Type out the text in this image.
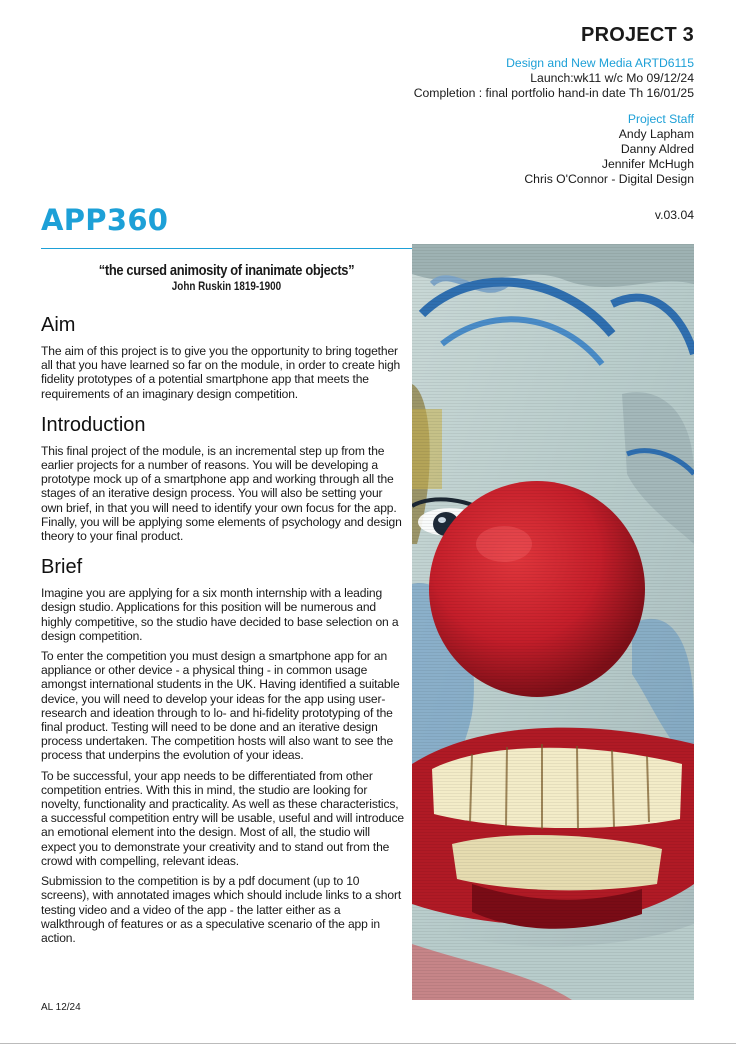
PROJECT 3
Design and New Media ARTD6115
Launch:wk11 w/c Mo 09/12/24
Completion : final portfolio hand-in date Th 16/01/25
Project Staff
Andy Lapham
Danny Aldred
Jennifer McHugh
Chris O'Connor - Digital Design
v.03.04
APP360
“the cursed animosity of inanimate objects”
John Ruskin 1819-1900
Aim

The aim of this project is to give you the opportunity to bring together all that you have learned so far on the module, in order to create high fidelity prototypes of a potential smartphone app that meets the requirements of an imaginary design competition.

Introduction

This final project of the module, is an incremental step up from the earlier projects for a number of reasons. You will be developing a prototype mock up of a smartphone app and working through all the stages of an iterative design process. You will also be setting your own brief, in that you will need to identify your own focus for the app. Finally, you will be applying some elements of psychology and design theory to your final product.

Brief

Imagine you are applying for a six month internship with a leading design studio. Applications for this position will be numerous and highly competitive, so the studio have decided to base selection on a design competition.

To enter the competition you must design a smartphone app for an appliance or other device - a physical thing - in common usage amongst international students in the UK. Having identified a suitable device, you will need to develop your ideas for the app using user-research and ideation through to lo- and hi-fidelity prototyping of the final product. Testing will need to be done and an iterative design process undertaken. The competition hosts will also want to see the process that underpins the evolution of your ideas.

To be successful, your app needs to be differentiated from other competition entries. With this in mind, the studio are looking for novelty, functionality and practicality. As well as these characteristics, a successful competition entry will be usable, useful and will introduce an emotional element into the design. Most of all, the studio will expect you to demonstrate your creativity and to stand out from the crowd with compelling, relevant ideas.

Submission to the competition is by a pdf document (up to 10 screens), with annotated images which should include links to a short testing video and a video of the app - the latter either as a walkthrough of features or as a speculative scenario of the app in action.

AL 12/24
